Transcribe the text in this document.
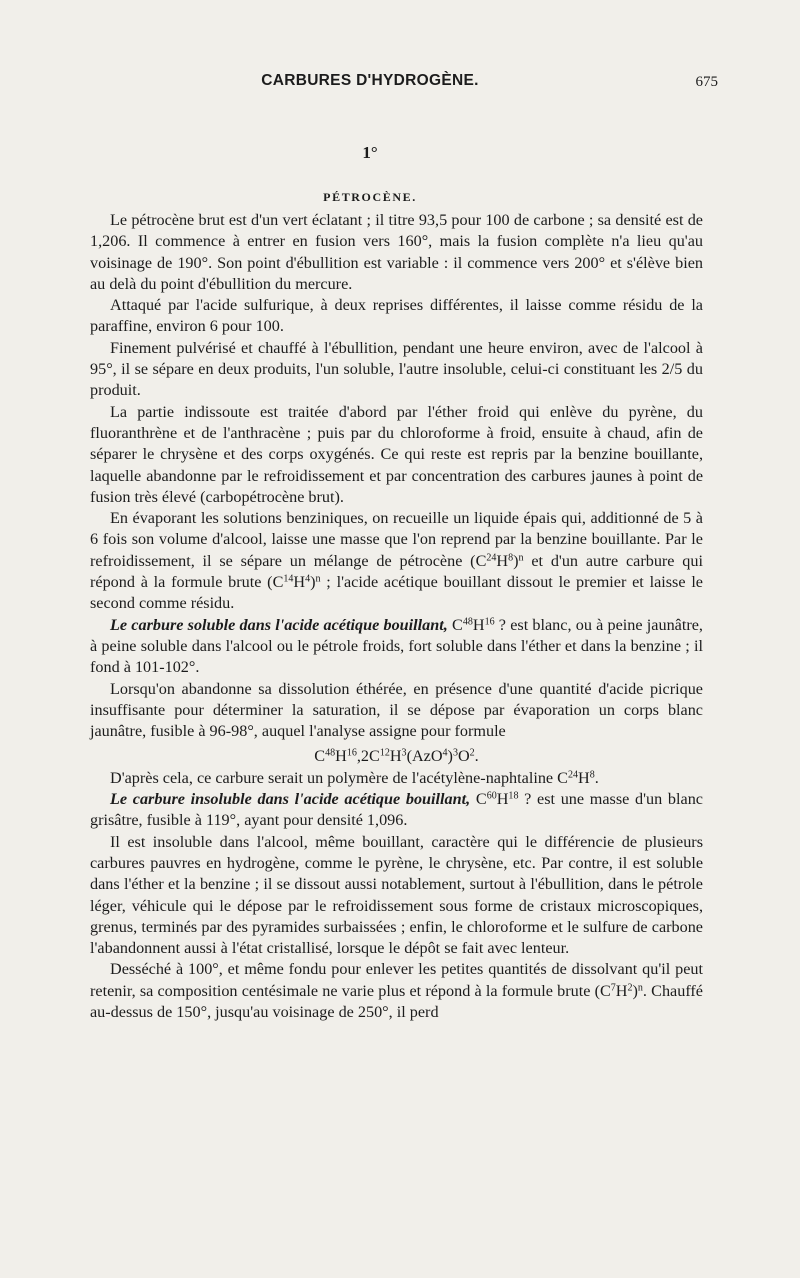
CARBURES D'HYDROGÈNE.	675
1°
PÉTROCÈNE.

Le pétrocène brut est d'un vert éclatant ; il titre 93,5 pour 100 de carbone ; sa densité est de 1,206. Il commence à entrer en fusion vers 160°, mais la fusion complète n'a lieu qu'au voisinage de 190°. Son point d'ébullition est variable : il commence vers 200° et s'élève bien au delà du point d'ébullition du mercure.

Attaqué par l'acide sulfurique, à deux reprises différentes, il laisse comme résidu de la paraffine, environ 6 pour 100.

Finement pulvérisé et chauffé à l'ébullition, pendant une heure environ, avec de l'alcool à 95°, il se sépare en deux produits, l'un soluble, l'autre insoluble, celui-ci constituant les 2/5 du produit.

La partie indissoute est traitée d'abord par l'éther froid qui enlève du pyrène, du fluoranthrène et de l'anthracène ; puis par du chloroforme à froid, ensuite à chaud, afin de séparer le chrysène et des corps oxygénés. Ce qui reste est repris par la benzine bouillante, laquelle abandonne par le refroidissement et par concentration des carbures jaunes à point de fusion très élevé (carbopétrocène brut).

En évaporant les solutions benziniques, on recueille un liquide épais qui, additionné de 5 à 6 fois son volume d'alcool, laisse une masse que l'on reprend par la benzine bouillante. Par le refroidissement, il se sépare un mélange de pétrocène $(C^{24}H^8)^n$ et d'un autre carbure qui répond à la formule brute $(C^{14}H^4)^n$ ; l'acide acétique bouillant dissout le premier et laisse le second comme résidu.

Le carbure soluble dans l'acide acétique bouillant, $C^{48}H^{16}$ ? est blanc, ou à peine jaunâtre, à peine soluble dans l'alcool ou le pétrole froids, fort soluble dans l'éther et dans la benzine ; il fond à 101-102°.

Lorsqu'on abandonne sa dissolution éthérée, en présence d'une quantité d'acide picrique insuffisante pour déterminer la saturation, il se dépose par évaporation un corps blanc jaunâtre, fusible à 96-98°, auquel l'analyse assigne pour formule

$C^{48}H^{16},2C^{12}H^3(AzO^4)^3O^2$.

D'après cela, ce carbure serait un polymère de l'acétylène-naphtaline $C^{24}H^8$.

Le carbure insoluble dans l'acide acétique bouillant, $C^{60}H^{18}$ ? est une masse d'un blanc grisâtre, fusible à 119°, ayant pour densité 1,096.

Il est insoluble dans l'alcool, même bouillant, caractère qui le différencie de plusieurs carbures pauvres en hydrogène, comme le pyrène, le chrysène, etc. Par contre, il est soluble dans l'éther et la benzine ; il se dissout aussi notablement, surtout à l'ébullition, dans le pétrole léger, véhicule qui le dépose par le refroidissement sous forme de cristaux microscopiques, grenus, terminés par des pyramides surbaissées ; enfin, le chloroforme et le sulfure de carbone l'abandonnent aussi à l'état cristallisé, lorsque le dépôt se fait avec lenteur.

Desséché à 100°, et même fondu pour enlever les petites quantités de dissolvant qu'il peut retenir, sa composition centésimale ne varie plus et répond à la formule brute $(C^7H^2)^n$. Chauffé au-dessus de 150°, jusqu'au voisinage de 250°, il perd
